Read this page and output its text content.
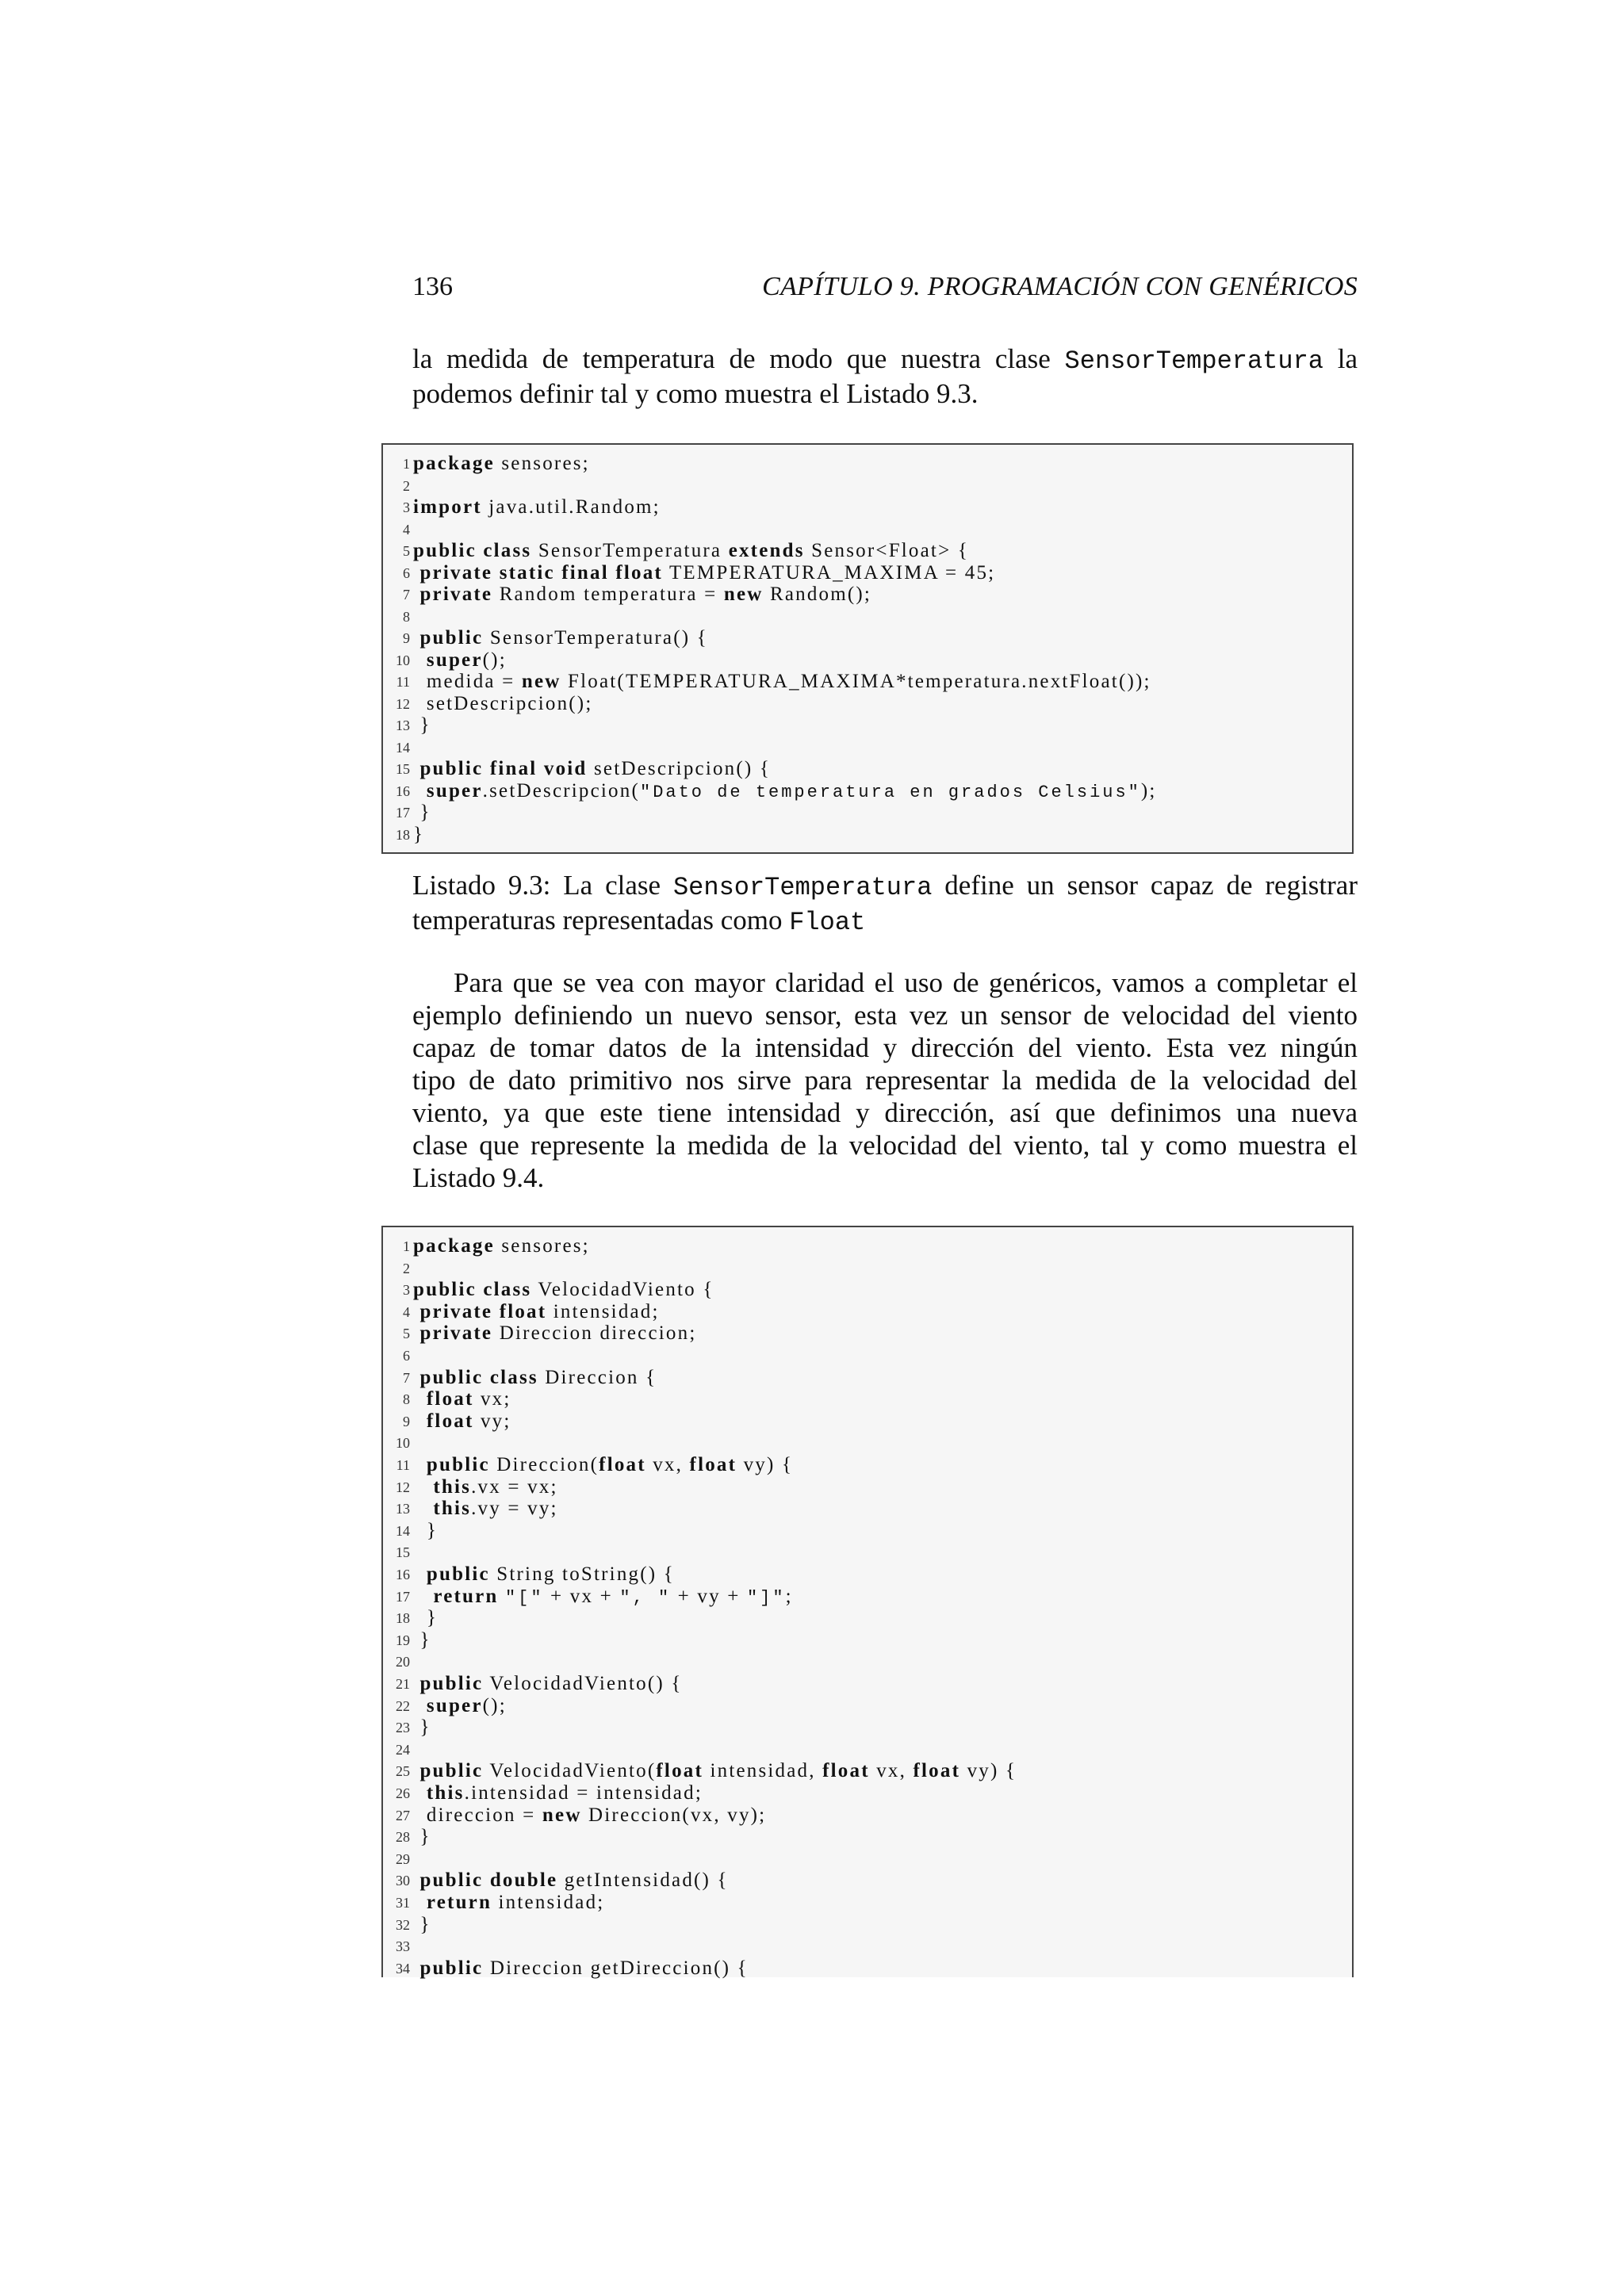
136	CAPÍTULO 9. PROGRAMACIÓN CON GENÉRICOS

la medida de temperatura de modo que nuestra clase SensorTemperatura la
podemos definir tal y como muestra el Listado 9.3.

1 package sensores;
2
3 import java.util.Random;
4
5 public class SensorTemperatura extends Sensor<Float> {
6 private static final float TEMPERATURA_MAXIMA = 45;
7 private Random temperatura = new Random();
8
9 public SensorTemperatura() {
10 super();
11 medida = new Float(TEMPERATURA_MAXIMA*temperatura.nextFloat());
12 setDescripcion();
13 }
14
15 public final void setDescripcion() {
16 super.setDescripcion("Dato de temperatura en grados Celsius");
17 }
18 }

Listado 9.3: La clase SensorTemperatura define un sensor capaz de registrar
temperaturas representadas como Float

Para que se vea con mayor claridad el uso de genéricos, vamos a completar el
ejemplo definiendo un nuevo sensor, esta vez un sensor de velocidad del viento
capaz de tomar datos de la intensidad y dirección del viento. Esta vez ningún
tipo de dato primitivo nos sirve para representar la medida de la velocidad del
viento, ya que este tiene intensidad y dirección, así que definimos una nueva
clase que represente la medida de la velocidad del viento, tal y como muestra el
Listado 9.4.

1 package sensores;
2
3 public class VelocidadViento {
4 private float intensidad;
5 private Direccion direccion;
6
7 public class Direccion {
8 float vx;
9 float vy;
10
11 public Direccion(float vx, float vy) {
12	this.vx = vx;
13	this.vy = vy;
14 }
15
16 public String toString() {
17	return "[" + vx + ", " + vy + "]";
18 }
19 }
20
21 public VelocidadViento() {
22 super();
23 }
24
25 public VelocidadViento(float intensidad, float vx, float vy) {
26 this.intensidad = intensidad;
27 direccion = new Direccion(vx, vy);
28 }
29
30 public double getIntensidad() {
31 return intensidad;
32 }
33
34 public Direccion getDireccion() {
